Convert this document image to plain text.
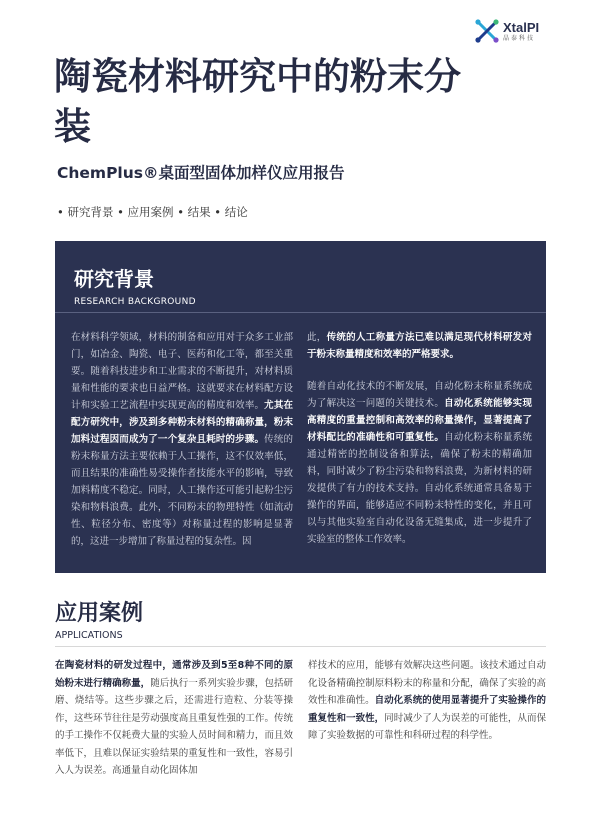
XtalPI
晶泰科技
陶瓷材料研究中的粉末分装
ChemPlus®桌面型固体加样仪应用报告
• 研究背景 • 应用案例 • 结果 • 结论
研究背景
RESEARCH BACKGROUND

在材料科学领域，材料的制备和应用对于众多工业部门，如冶金、陶瓷、电子、医药和化工等，都至关重要。随着科技进步和工业需求的不断提升，对材料质量和性能的要求也日益严格。这就要求在材料配方设计和实验工艺流程中实现更高的精度和效率。尤其在配方研究中，涉及到多种粉末材料的精确称量，粉末加料过程因而成为了一个复杂且耗时的步骤。传统的粉末称量方法主要依赖于人工操作，这不仅效率低，而且结果的准确性易受操作者技能水平的影响，导致加料精度不稳定。同时，人工操作还可能引起粉尘污染和物料浪费。此外，不同粉末的物理特性（如流动性、粒径分布、密度等）对称量过程的影响是显著的，这进一步增加了称量过程的复杂性。因

此，传统的人工称量方法已难以满足现代材料研发对于粉末称量精度和效率的严格要求。

随着自动化技术的不断发展，自动化粉末称量系统成为了解决这一问题的关键技术。自动化系统能够实现高精度的重量控制和高效率的称量操作，显著提高了材料配比的准确性和可重复性。自动化粉末称量系统通过精密的控制设备和算法，确保了粉末的精确加料，同时减少了粉尘污染和物料浪费，为新材料的研发提供了有力的技术支持。自动化系统通常具备易于操作的界面，能够适应不同粉末特性的变化，并且可以与其他实验室自动化设备无缝集成，进一步提升了实验室的整体工作效率。

应用案例
APPLICATIONS

在陶瓷材料的研发过程中，通常涉及到5至8种不同的原始粉末进行精确称量，随后执行一系列实验步骤，包括研磨、烧结等。这些步骤之后，还需进行造粒、分装等操作，这些环节往往是劳动强度高且重复性强的工作。传统的手工操作不仅耗费大量的实验人员时间和精力，而且效率低下，且难以保证实验结果的重复性和一致性，容易引入人为误差。高通量自动化固体加

样技术的应用，能够有效解决这些问题。该技术通过自动化设备精确控制原料粉末的称量和分配，确保了实验的高效性和准确性。自动化系统的使用显著提升了实验操作的重复性和一致性，同时减少了人为误差的可能性，从而保障了实验数据的可靠性和科研过程的科学性。
